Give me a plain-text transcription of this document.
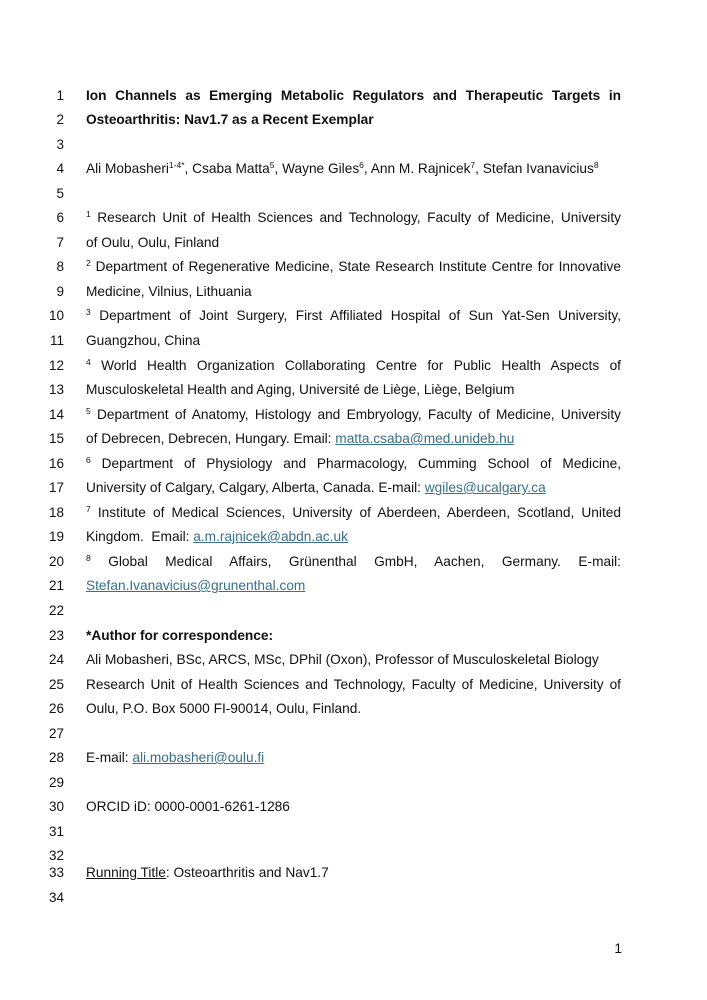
1
2
3
4
5
6
7
8
9
10
11
12
13
14
15
16
17
18
19
20
21
22
23
24
25
26
27
28
29
30
31
32
33
34
Ion Channels as Emerging Metabolic Regulators and Therapeutic Targets in
Osteoarthritis: Nav1.7 as a Recent Exemplar
Ali Mobasheri$^{1-4*}$, Csaba Matta$^5$, Wayne Giles$^6$, Ann M. Rajnicek$^7$, Stefan Ivanavicius$^8$
$^1$ Research Unit of Health Sciences and Technology, Faculty of Medicine, University
of Oulu, Oulu, Finland
$^2$ Department of Regenerative Medicine, State Research Institute Centre for Innovative
Medicine, Vilnius, Lithuania
$^3$ Department of Joint Surgery, First Affiliated Hospital of Sun Yat-Sen University,
Guangzhou, China
$^4$ World Health Organization Collaborating Centre for Public Health Aspects of
Musculoskeletal Health and Aging, Université de Liège, Liège, Belgium
$^5$ Department of Anatomy, Histology and Embryology, Faculty of Medicine, University
of Debrecen, Debrecen, Hungary. Email: matta.csaba@med.unideb.hu
$^6$ Department of Physiology and Pharmacology, Cumming School of Medicine,
University of Calgary, Calgary, Alberta, Canada. E-mail: wgiles@ucalgary.ca
$^7$ Institute of Medical Sciences, University of Aberdeen, Aberdeen, Scotland, United
Kingdom.  Email: a.m.rajnicek@abdn.ac.uk
$^8$ Global Medical Affairs, Grünenthal GmbH, Aachen, Germany. E-mail:
Stefan.Ivanavicius@grunenthal.com
*Author for correspondence:
Ali Mobasheri, BSc, ARCS, MSc, DPhil (Oxon), Professor of Musculoskeletal Biology
Research Unit of Health Sciences and Technology, Faculty of Medicine, University of
Oulu, P.O. Box 5000 FI-90014, Oulu, Finland.
E-mail: ali.mobasheri@oulu.fi
ORCID iD: 0000-0001-6261-1286
Running Title: Osteoarthritis and Nav1.7
1
